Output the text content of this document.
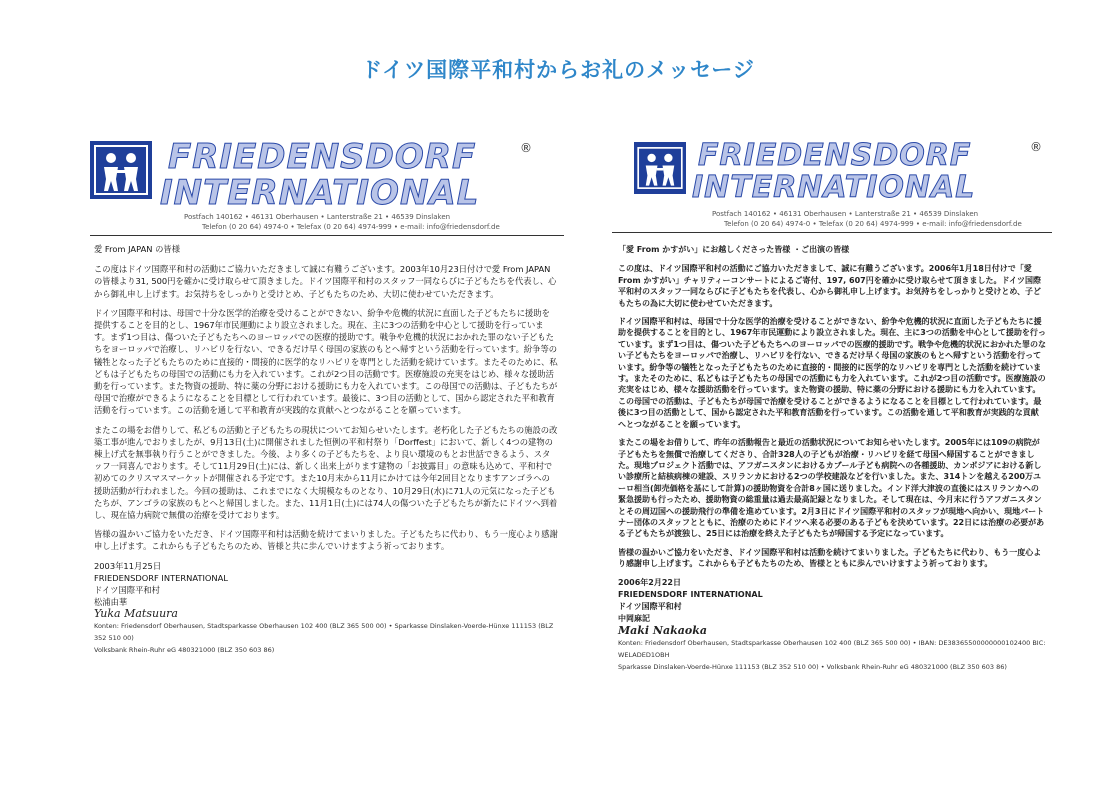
ドイツ国際平和村からお礼のメッセージ
FRIEDENSDORF
INTERNATIONAL
®
Postfach 140162 • 46131 Oberhausen • Lanterstraße 21 • 46539 Dinslaken
Telefon (0 20 64) 4974-0 • Telefax (0 20 64) 4974-999 • e-mail: info@friedensdorf.de

愛 From JAPAN の皆様

この度はドイツ国際平和村の活動にご協力いただきまして誠に有難うございます。2003年10月23日付けで愛 From JAPAN の皆様より31, 500円を確かに受け取らせて頂きました。ドイツ国際平和村のスタッフ一同ならびに子どもたちを代表し、心から御礼申し上げます。お気持ちをしっかりと受けとめ、子どもたちのため、大切に使わせていただきます。

ドイツ国際平和村は、母国で十分な医学的治療を受けることができない、紛争や危機的状況に直面した子どもたちに援助を提供することを目的とし、1967年市民運動により設立されました。現在、主に3つの活動を中心として援助を行っています。まず1つ目は、傷ついた子どもたちへのヨーロッパでの医療的援助です。戦争や危機的状況におかれた罪のない子どもたちをヨーロッパで治療し、リハビリを行ない、できるだけ早く母国の家族のもとへ帰すという活動を行っています。紛争等の犠牲となった子どもたちのために直接的・間接的に医学的なリハビリを専門とした活動を続けています。またそのために、私どもは子どもたちの母国での活動にも力を入れています。これが2つ目の活動です。医療施設の充実をはじめ、様々な援助活動を行っています。また物資の援助、特に薬の分野における援助にも力を入れています。この母国での活動は、子どもたちが母国で治療ができるようになることを目標として行われています。最後に、3つ目の活動として、国から認定された平和教育活動を行っています。この活動を通して平和教育が実践的な貢献へとつながることを願っています。

またこの場をお借りして、私どもの活動と子どもたちの現状についてお知らせいたします。老朽化した子どもたちの施設の改築工事が進んでおりましたが、9月13日(土)に開催されました恒例の平和村祭り「Dorffest」において、新しく4つの建物の棟上げ式を無事執り行うことができました。今後、より多くの子どもたちを、より良い環境のもとお世話できるよう、スタッフ一同喜んでおります。そして11月29日(土)には、新しく出来上がります建物の「お披露目」の意味も込めて、平和村で初めてのクリスマスマーケットが開催される予定です。また10月末から11月にかけては今年2回目となりますアンゴラへの援助活動が行われました。今回の援助は、これまでになく大規模なものとなり、10月29日(水)に71人の元気になった子どもたちが、アンゴラの家族のもとへと帰国しました。また、11月1日(土)には74人の傷ついた子どもたちが新たにドイツへ到着し、現在協力病院で無償の治療を受けております。

皆様の温かいご協力をいただき、ドイツ国際平和村は活動を続けてまいりました。子どもたちに代わり、もう一度心より感謝申し上げます。これからも子どもたちのため、皆様と共に歩んでいけますよう祈っております。

2003年11月25日
FRIEDENSDORF INTERNATIONAL
ドイツ国際平和村
松浦由華
Yuka Matsuura
Konten: Friedensdorf Oberhausen, Stadtsparkasse Oberhausen 102 400 (BLZ 365 500 00) • Sparkasse Dinslaken-Voerde-Hünxe 111153 (BLZ 352 510 00)
Volksbank Rhein-Ruhr eG 480321000 (BLZ 350 603 86)
FRIEDENSDORF
INTERNATIONAL
®
Postfach 140162 • 46131 Oberhausen • Lanterstraße 21 • 46539 Dinslaken
Telefon (0 20 64) 4974-0 • Telefax (0 20 64) 4974-999 • e-mail: info@friedensdorf.de

「愛 From かすがい」にお越しくださった皆様 ・ご出演の皆様

この度は、ドイツ国際平和村の活動にご協力いただきまして、誠に有難うございます。2006年1月18日付けで「愛 From かすがい」チャリティーコンサートによるご寄付、197, 607円を確かに受け取らせて頂きました。ドイツ国際平和村のスタッフ一同ならびに子どもたちを代表し、心から御礼申し上げます。お気持ちをしっかりと受けとめ、子どもたちの為に大切に使わせていただきます。

ドイツ国際平和村は、母国で十分な医学的治療を受けることができない、紛争や危機的状況に直面した子どもたちに援助を提供することを目的とし、1967年市民運動により設立されました。現在、主に3つの活動を中心として援助を行っています。まず1つ目は、傷ついた子どもたちへのヨーロッパでの医療的援助です。戦争や危機的状況におかれた罪のない子どもたちをヨーロッパで治療し、リハビリを行ない、できるだけ早く母国の家族のもとへ帰すという活動を行っています。紛争等の犠牲となった子どもたちのために直接的・間接的に医学的なリハビリを専門とした活動を続けています。またそのために、私どもは子どもたちの母国での活動にも力を入れています。これが2つ目の活動です。医療施設の充実をはじめ、様々な援助活動を行っています。また物資の援助、特に薬の分野における援助にも力を入れています。この母国での活動は、子どもたちが母国で治療を受けることができるようになることを目標として行われています。最後に3つ目の活動として、国から認定された平和教育活動を行っています。この活動を通して平和教育が実践的な貢献へとつながることを願っています。

またこの場をお借りして、昨年の活動報告と最近の活動状況についてお知らせいたします。2005年には109の病院が子どもたちを無償で治療してくださり、合計328人の子どもが治療・リハビリを経て母国へ帰国することができました。現地プロジェクト活動では、アフガニスタンにおけるカブール子ども病院への各種援助、カンボジアにおける新しい診療所と結核病棟の建設、スリランカにおける2つの学校建設などを行いました。また、314トンを越える200万ユーロ相当(卸売価格を基にして計算)の援助物資を合計8ヶ国に送りました。インド洋大津波の直後にはスリランカへの緊急援助も行ったため、援助物資の総重量は過去最高記録となりました。そして現在は、今月末に行うアフガニスタンとその周辺国への援助飛行の準備を進めています。2月3日にドイツ国際平和村のスタッフが現地へ向かい、現地パートナー団体のスタッフとともに、治療のためにドイツへ来る必要のある子どもを決めています。22日には治療の必要がある子どもたちが渡独し、25日には治療を終えた子どもたちが帰国する予定になっています。

皆様の温かいご協力をいただき、ドイツ国際平和村は活動を続けてまいりました。子どもたちに代わり、もう一度心より感謝申し上げます。これからも子どもたちのため、皆様とともに歩んでいけますよう祈っております。

2006年2月22日
FRIEDENSDORF INTERNATIONAL
ドイツ国際平和村
中岡麻記
Maki Nakaoka
Konten: Friedensdorf Oberhausen, Stadtsparkasse Oberhausen 102 400 (BLZ 365 500 00) • IBAN: DE38365500000000102400 BIC: WELADED1OBH
Sparkasse Dinslaken-Voerde-Hünxe 111153 (BLZ 352 510 00) • Volksbank Rhein-Ruhr eG 480321000 (BLZ 350 603 86)
